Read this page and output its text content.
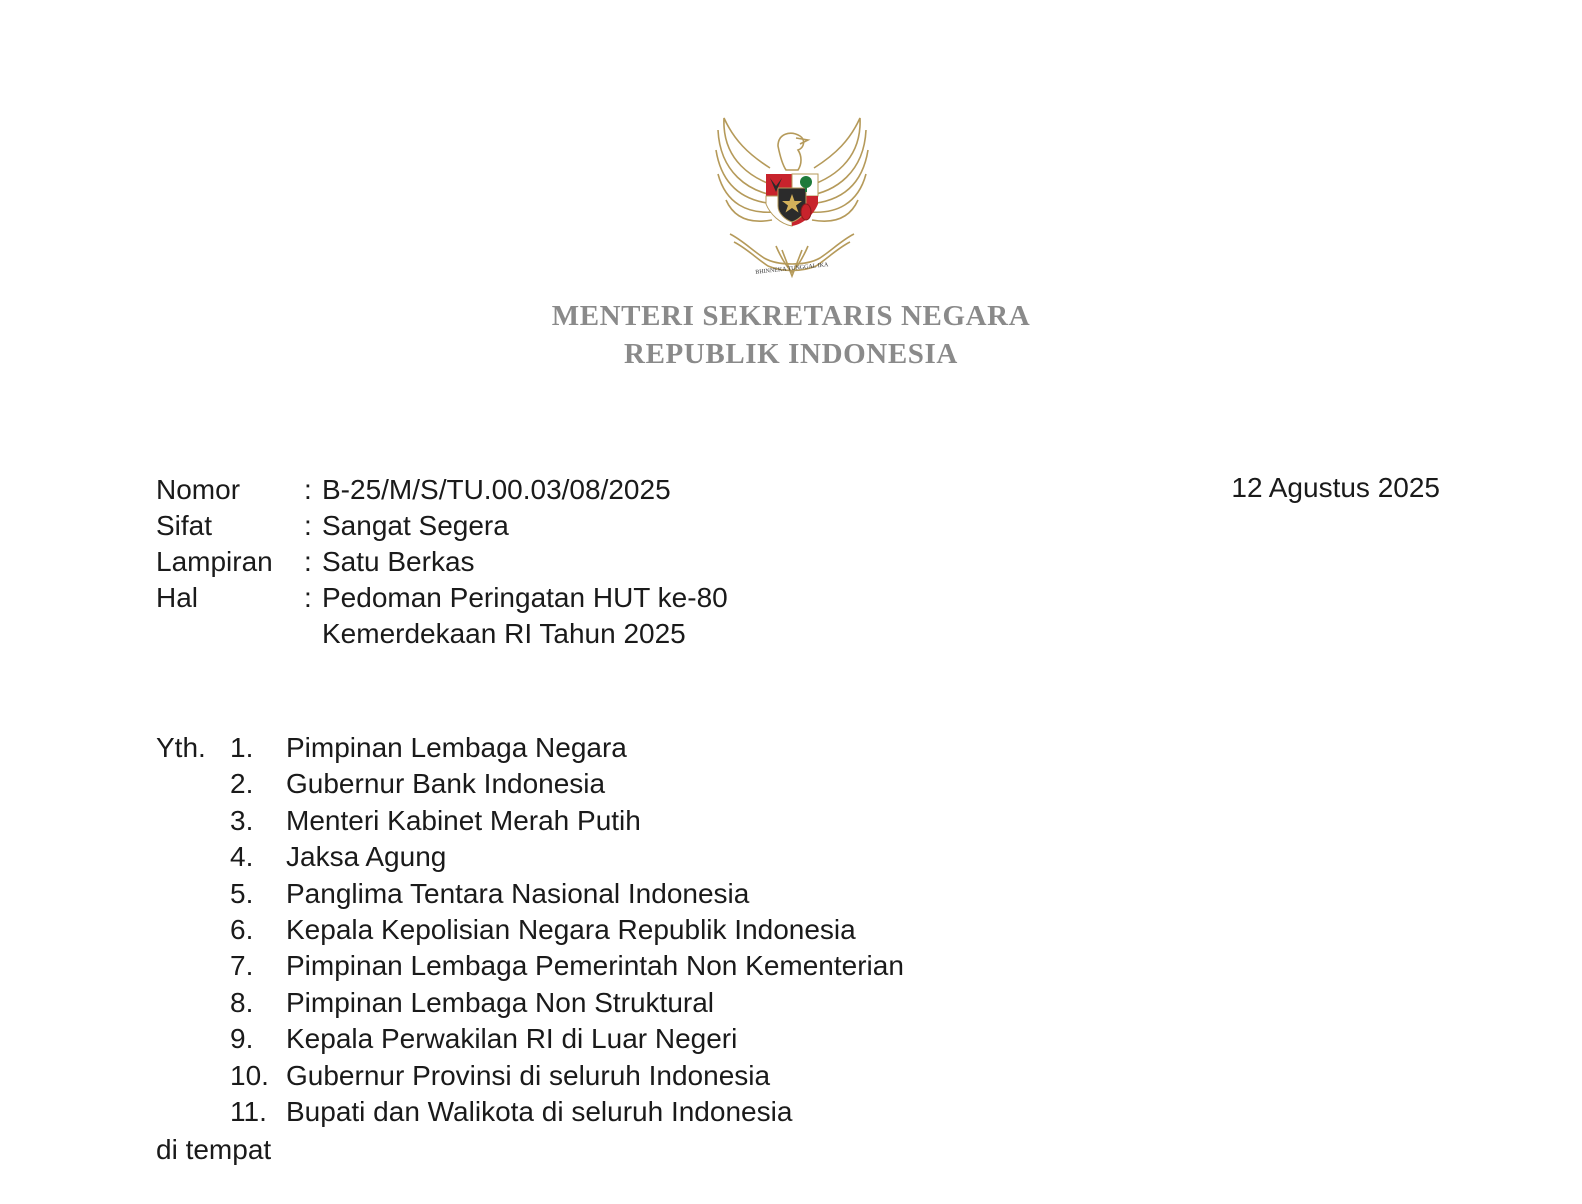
BHINNEKA TUNGGAL IKA
MENTERI SEKRETARIS NEGARA
REPUBLIK INDONESIA
12 Agustus 2025
Nomor	: B-25/M/S/TU.00.03/08/2025
Sifat	: Sangat Segera
Lampiran	: Satu Berkas
Hal	: Pedoman Peringatan HUT ke-80
Kemerdekaan RI Tahun 2025
Yth. 1.	Pimpinan Lembaga Negara
2.	Gubernur Bank Indonesia
3.	Menteri Kabinet Merah Putih
4.	Jaksa Agung
5.	Panglima Tentara Nasional Indonesia
6.	Kepala Kepolisian Negara Republik Indonesia
7.	Pimpinan Lembaga Pemerintah Non Kementerian
8.	Pimpinan Lembaga Non Struktural
9.	Kepala Perwakilan RI di Luar Negeri
10. Gubernur Provinsi di seluruh Indonesia
11. Bupati dan Walikota di seluruh Indonesia
di tempat
